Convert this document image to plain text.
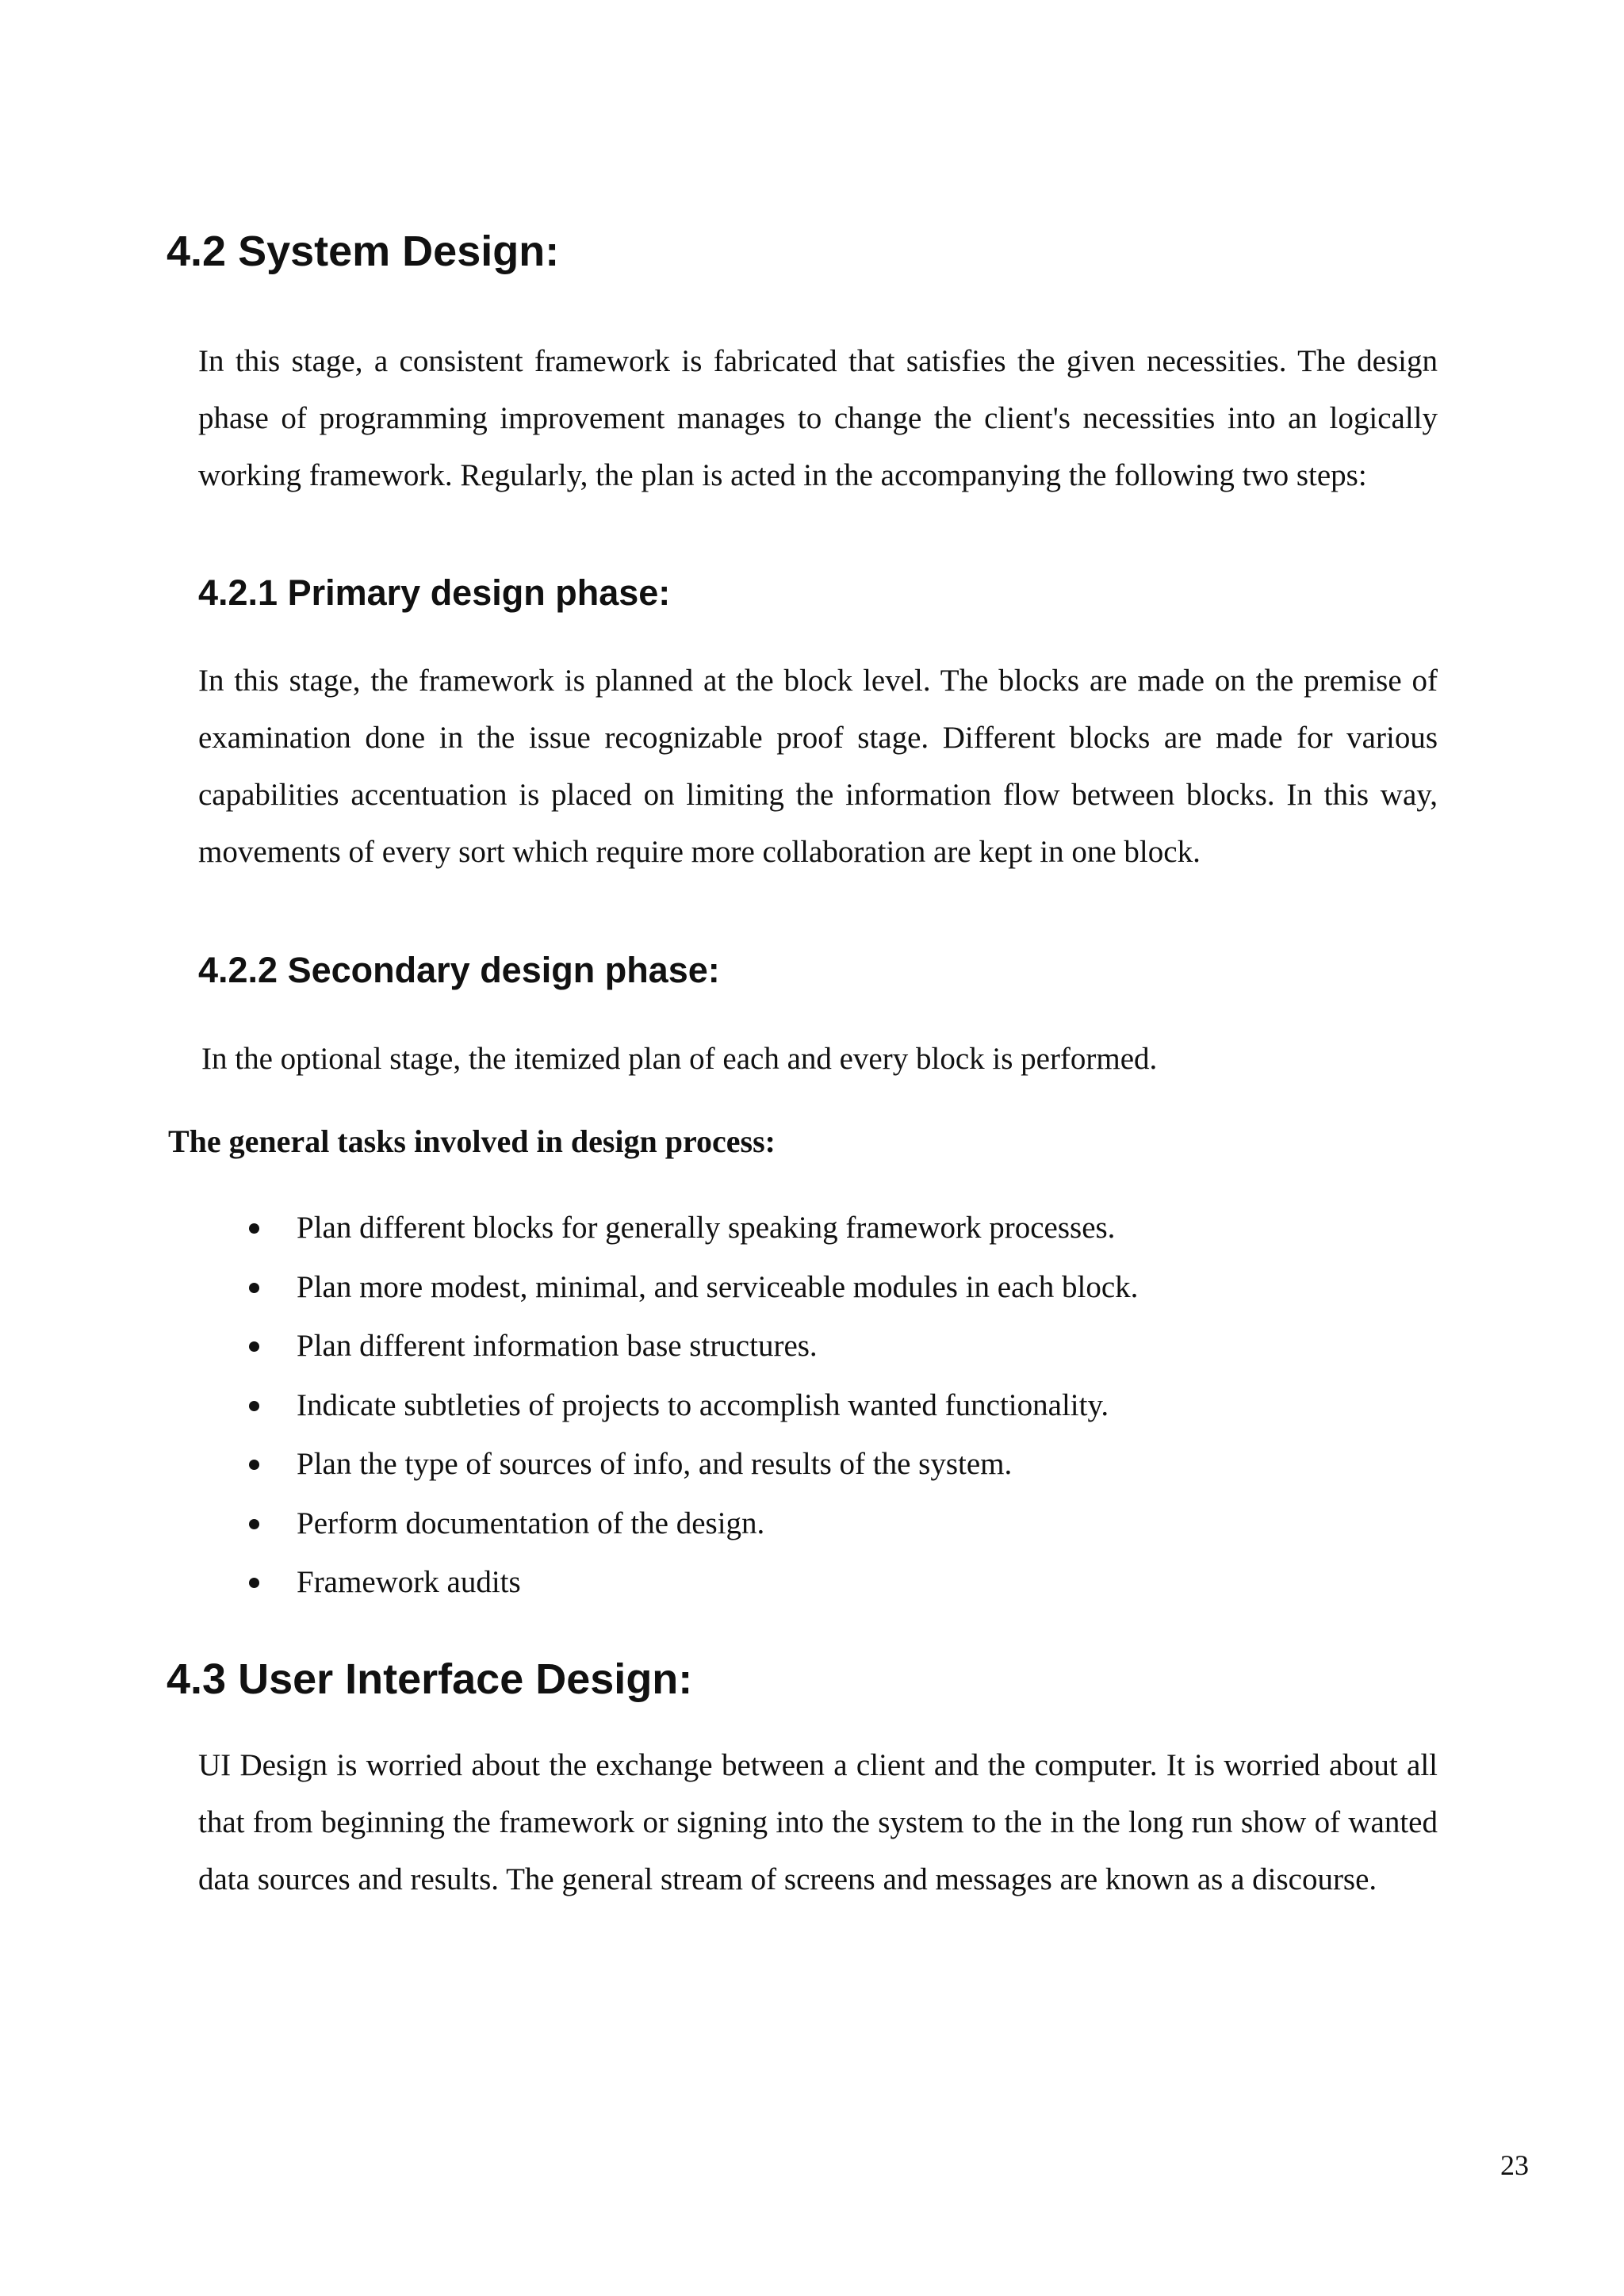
4.2 System Design:

In this stage, a consistent framework is fabricated that satisfies the given necessities. The design phase of programming improvement manages to change the client's necessities into an logically working framework. Regularly, the plan is acted in the accompanying the following two steps:

4.2.1 Primary design phase:

In this stage, the framework is planned at the block level. The blocks are made on the premise of examination done in the issue recognizable proof stage. Different blocks are made for various capabilities accentuation is placed on limiting the information flow between blocks. In this way, movements of every sort which require more collaboration are kept in one block.

4.2.2 Secondary design phase:

In the optional stage, the itemized plan of each and every block is performed.

The general tasks involved in design process:

Plan different blocks for generally speaking framework processes.
Plan more modest, minimal, and serviceable modules in each block.
Plan different information base structures.
Indicate subtleties of projects to accomplish wanted functionality.
Plan the type of sources of info, and results of the system.
Perform documentation of the design.
Framework audits
4.3 User Interface Design:

UI Design is worried about the exchange between a client and the computer. It is worried about all that from beginning the framework or signing into the system to the in the long run show of wanted data sources and results. The general stream of screens and messages are known as a discourse.

23
